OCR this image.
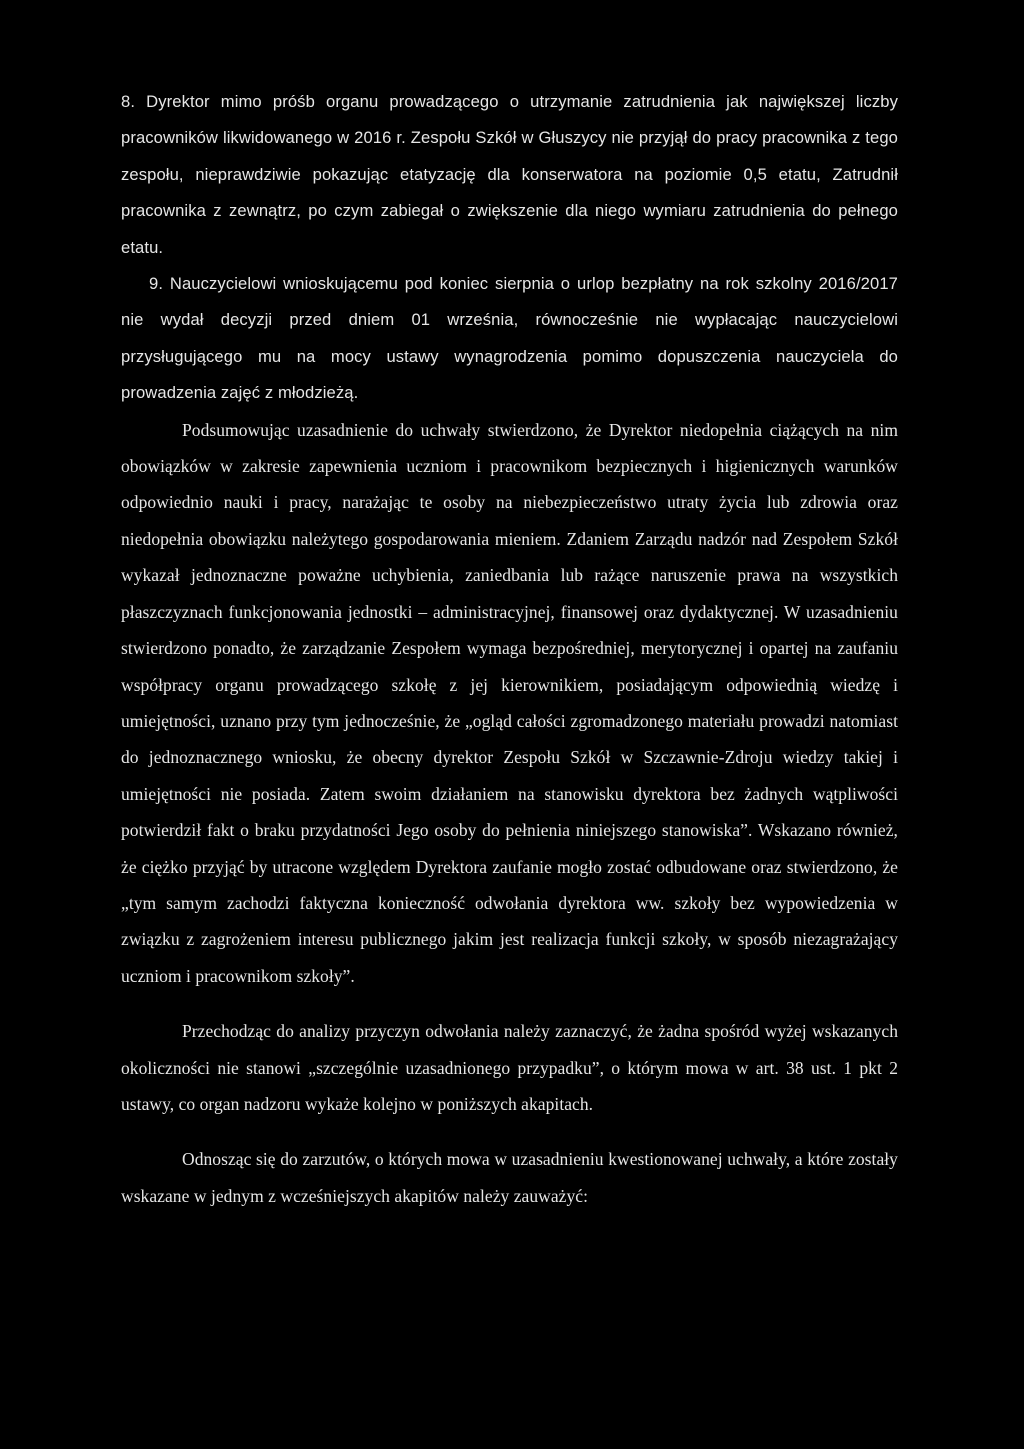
8. Dyrektor mimo próśb organu prowadzącego o utrzymanie zatrudnienia jak największej liczby pracowników likwidowanego w 2016 r. Zespołu Szkół w Głuszycy nie przyjął do pracy pracownika z tego zespołu, nieprawdziwie pokazując etatyzację dla konserwatora na poziomie 0,5 etatu, Zatrudnił pracownika z zewnątrz, po czym zabiegał o zwiększenie dla niego wymiaru zatrudnienia do pełnego etatu.

9. Nauczycielowi wnioskującemu pod koniec sierpnia o urlop bezpłatny na rok szkolny 2016/2017 nie wydał decyzji przed dniem 01 września, równocześnie nie wypłacając nauczycielowi przysługującego mu na mocy ustawy wynagrodzenia pomimo dopuszczenia nauczyciela do prowadzenia zajęć z młodzieżą.

Podsumowując uzasadnienie do uchwały stwierdzono, że Dyrektor niedopełnia ciążących na nim obowiązków w zakresie zapewnienia uczniom i pracownikom bezpiecznych i higienicznych warunków odpowiednio nauki i pracy, narażając te osoby na niebezpieczeństwo utraty życia lub zdrowia oraz niedopełnia obowiązku należytego gospodarowania mieniem. Zdaniem Zarządu nadzór nad Zespołem Szkół wykazał jednoznaczne poważne uchybienia, zaniedbania lub rażące naruszenie prawa na wszystkich płaszczyznach funkcjonowania jednostki – administracyjnej, finansowej oraz dydaktycznej. W uzasadnieniu stwierdzono ponadto, że zarządzanie Zespołem wymaga bezpośredniej, merytorycznej i opartej na zaufaniu współpracy organu prowadzącego szkołę z jej kierownikiem, posiadającym odpowiednią wiedzę i umiejętności, uznano przy tym jednocześnie, że „ogląd całości zgromadzonego materiału prowadzi natomiast do jednoznacznego wniosku, że obecny dyrektor Zespołu Szkół w Szczawnie-Zdroju wiedzy takiej i umiejętności nie posiada. Zatem swoim działaniem na stanowisku dyrektora bez żadnych wątpliwości potwierdził fakt o braku przydatności Jego osoby do pełnienia niniejszego stanowiska”. Wskazano również, że ciężko przyjąć by utracone względem Dyrektora zaufanie mogło zostać odbudowane oraz stwierdzono, że „tym samym zachodzi faktyczna konieczność odwołania dyrektora ww. szkoły bez wypowiedzenia w związku z zagrożeniem interesu publicznego jakim jest realizacja funkcji szkoły, w sposób niezagrażający uczniom i pracownikom szkoły”.

Przechodząc do analizy przyczyn odwołania należy zaznaczyć, że żadna spośród wyżej wskazanych okoliczności nie stanowi „szczególnie uzasadnionego przypadku”, o którym mowa w art. 38 ust. 1 pkt 2 ustawy, co organ nadzoru wykaże kolejno w poniższych akapitach.

Odnosząc się do zarzutów, o których mowa w uzasadnieniu kwestionowanej uchwały, a które zostały wskazane w jednym z wcześniejszych akapitów należy zauważyć:
